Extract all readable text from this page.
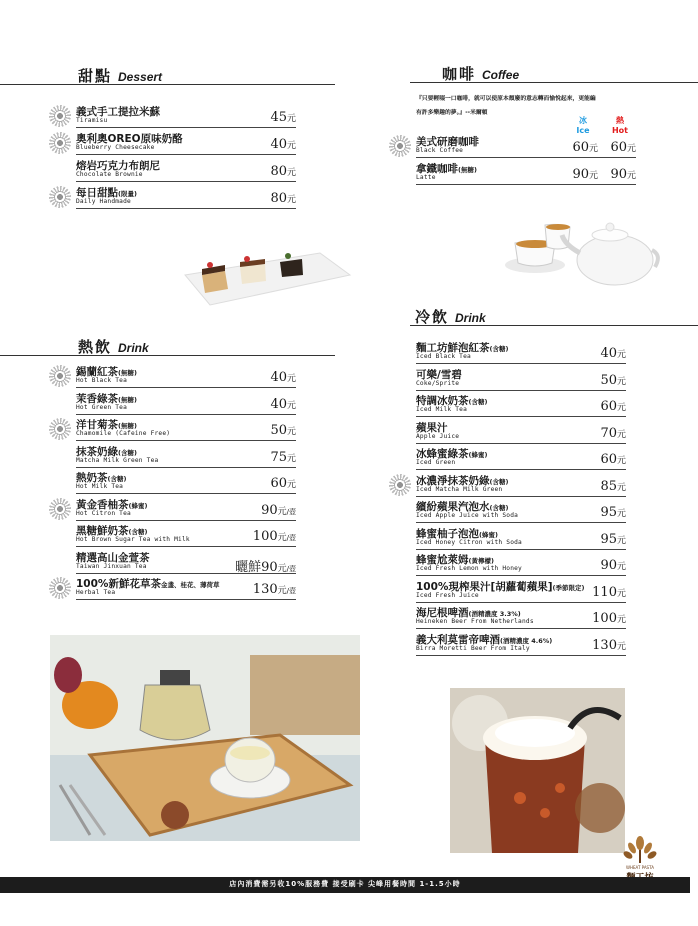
甜點 Dessert
義式手工提拉米蘇
Tiramisu	45元
奧利奧OREO原味奶酪
Blueberry Cheesecake	40元
熔岩巧克力布朗尼
Chocolate Brownie	80元
每日甜點(限量)
Daily Handmade	80元
咖啡 Coffee
『只要輕啜一口咖啡，就可以使原本頹廢的意志轉而愉悅起來，更能編
有許多樂趣的夢。』--米爾頓
冰
Ice
熱
Hot
美式研磨咖啡
Black Coffee	60元 60元
拿鐵咖啡(無糖)
Latte	90元 90元
熱飲 Drink
錫蘭紅茶(無糖)
Hot Black Tea	40元
茉香綠茶(無糖)
Hot Green Tea	40元
洋甘菊茶(無糖)
Chamomile (Cafeine Free)	50元
抹茶奶綠(含糖)
Matcha Milk Green Tea	75元
熱奶茶(含糖)
Hot Milk Tea	60元
黃金香柚茶(蜂蜜)
Hot Citron Tea	90元/壺
黑糖鮮奶茶(含糖)
Hot Brown Sugar Tea with Milk	100元/壺
精選高山金萱茶
Taiwan Jinxuan Tea	曬鮮90元/壺
100%新鮮花草茶金盞、桂花、薄荷草
Herbal Tea	130元/壺
冷飲 Drink
麵工坊鮮泡紅茶(含糖)
Iced Black Tea	40元
可樂/雪碧
Coke/Sprite	50元
特調冰奶茶(含糖)
Iced Milk Tea	60元
蘋果汁
Apple Juice	70元
冰蜂蜜綠茶(蜂蜜)
Iced Green	60元
冰濃淨抹茶奶綠(含糖)
Iced Matcha Milk Green	85元
繽紛蘋果汽泡水(含糖)
Iced Apple Juice with Soda	95元
蜂蜜柚子泡泡(蜂蜜)
Iced Honey Citron with Soda	95元
蜂蜜尬萊姆(黃檸檬)
Iced Fresh Lemon with Honey	90元
100%現榨果汁[胡蘿蔔蘋果](季節限定)
Iced Fresh Juice	110元
海尼根啤酒(酒精濃度 3.3%)
Heineken Beer From Netherlands	100元
義大利莫雷帝啤酒(酒精濃度 4.6%)
Birra Moretti Beer From Italy	130元
WHEAT PASTA
店內消費需另收10%服務費 接受刷卡 尖峰用餐時間 1-1.5小時
